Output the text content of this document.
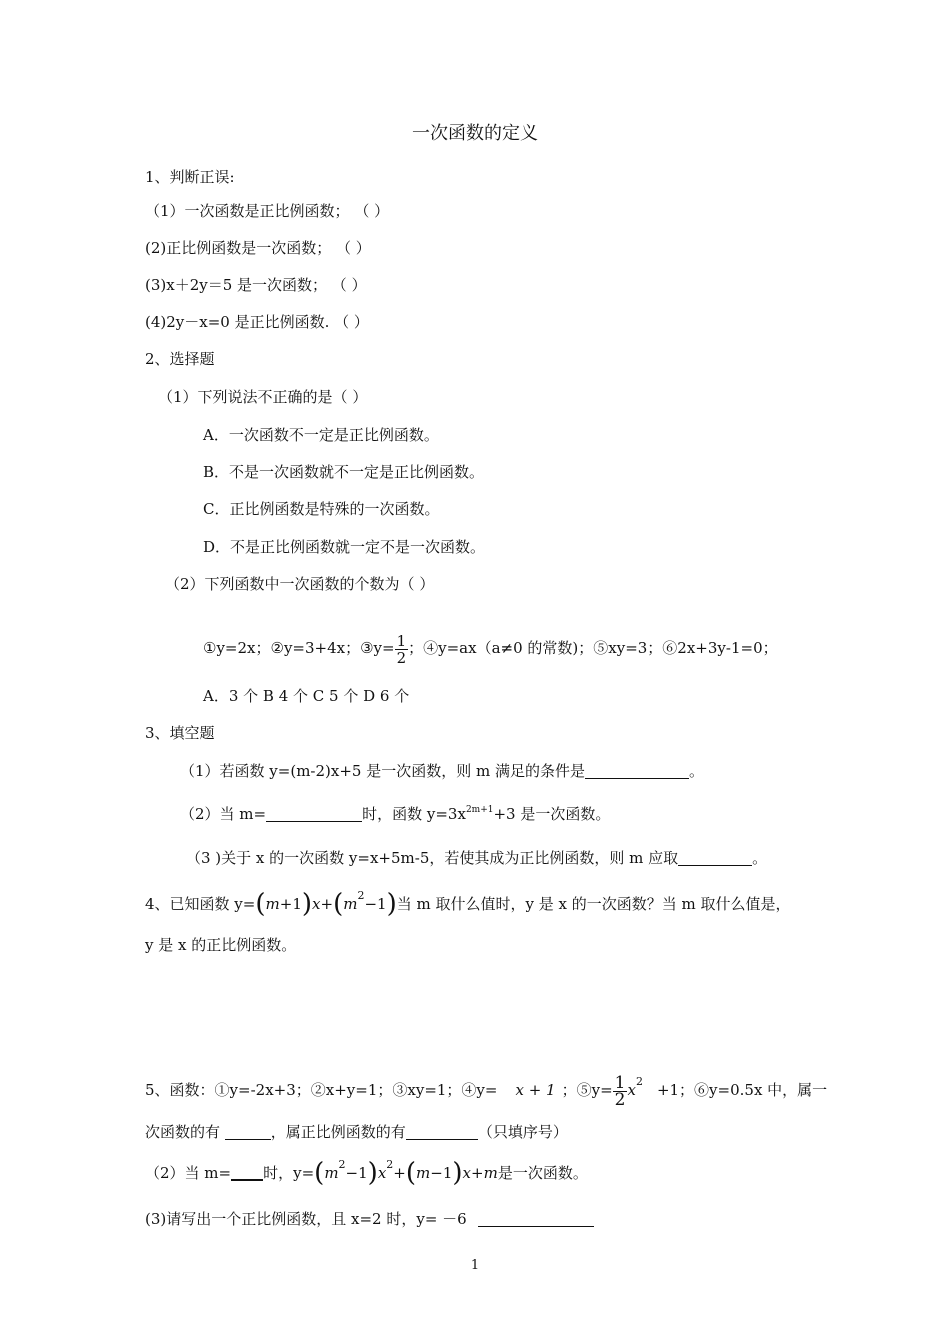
一次函数的定义
1、判断正误:
（1）一次函数是正比例函数； （ ）
(2)正比例函数是一次函数； （ ）
(3)x＋2y＝5 是一次函数； （ ）
(4)2y－x=0 是正比例函数. （ ）
2、选择题
（1）下列说法不正确的是（ ）
A．一次函数不一定是正比例函数。
B．不是一次函数就不一定是正比例函数。
C．正比例函数是特殊的一次函数。
D．不是正比例函数就一定不是一次函数。
（2）下列函数中一次函数的个数为（ ）
①y=2x；②y=3+4x；③y= $\frac{1}{2}$ ；④y=ax（a≠0 的常数)；⑤xy=3；⑥2x+3y-1=0；
A．3 个 B 4 个 C 5 个 D 6 个
3、填空题
（1）若函数 y=(m-2)x+5 是一次函数，则 m 满足的条件是	。
（2）当 m=	时，函数 $y=3x^{2m+1}+3$ 是一次函数。
（3 )关于 x 的一次函数 y=x+5m-5，若使其成为正比例函数，则 m 应取	。
4、已知函数 $y=(m+1)x+(m^2-1)$当 m 取什么值时，y 是 x 的一次函数？当 m 取什么值是，
y 是 x 的正比例函数。
5、函数：①y=-2x+3；②x+y=1；③xy=1；④y= x + 1 ；⑤y= $\frac{1}{2} x^2 +1$；⑥y=0.5x 中，属一
次函数的有	，属正比例函数的有	（只填序号）
（2）当 m= 时，$y=(m^2-1)x^2+(m-1)x+m$是一次函数。
(3)请写出一个正比例函数，且 x=2 时，y= －6
1
